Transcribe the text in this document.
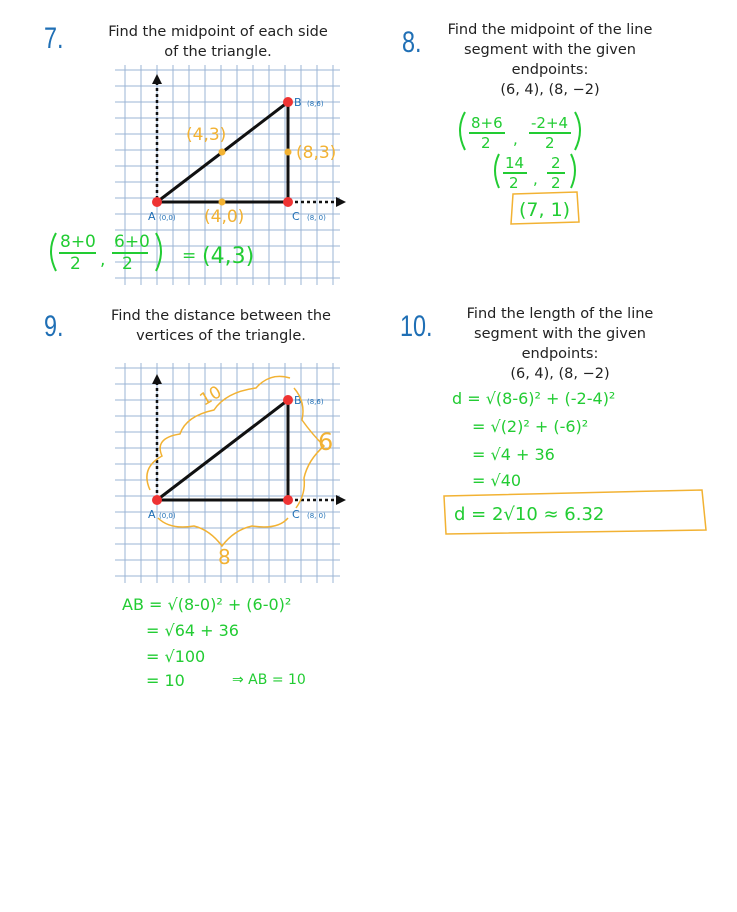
7.	Find the midpoint of each side
of the triangle.
A (0,0)
B (8,6)
C (8, 0)
(4,3)
(8,3)
(4,0)
8+0
2 ,
6+0
2	= (4,3)
8.	Find the midpoint of the line
segment with the given
endpoints:
(6, 4), (8, −2)
8+6
2 ,
-2+4
2
14
2 ,
2
2
(7, 1)
9.	Find the distance between the
vertices of the triangle.
A (0,0)
B (8,6)
C (8, 0)
10
6
8
AB = √(8-0)² + (6-0)²
= √64 + 36
= √100
= 10	⇒ AB = 10
10.	Find the length of the line
segment with the given
endpoints:
(6, 4), (8, −2)
d = √(8-6)² + (-2-4)²
= √(2)² + (-6)²
= √4 + 36
= √40
d = 2√10 ≈ 6.32
